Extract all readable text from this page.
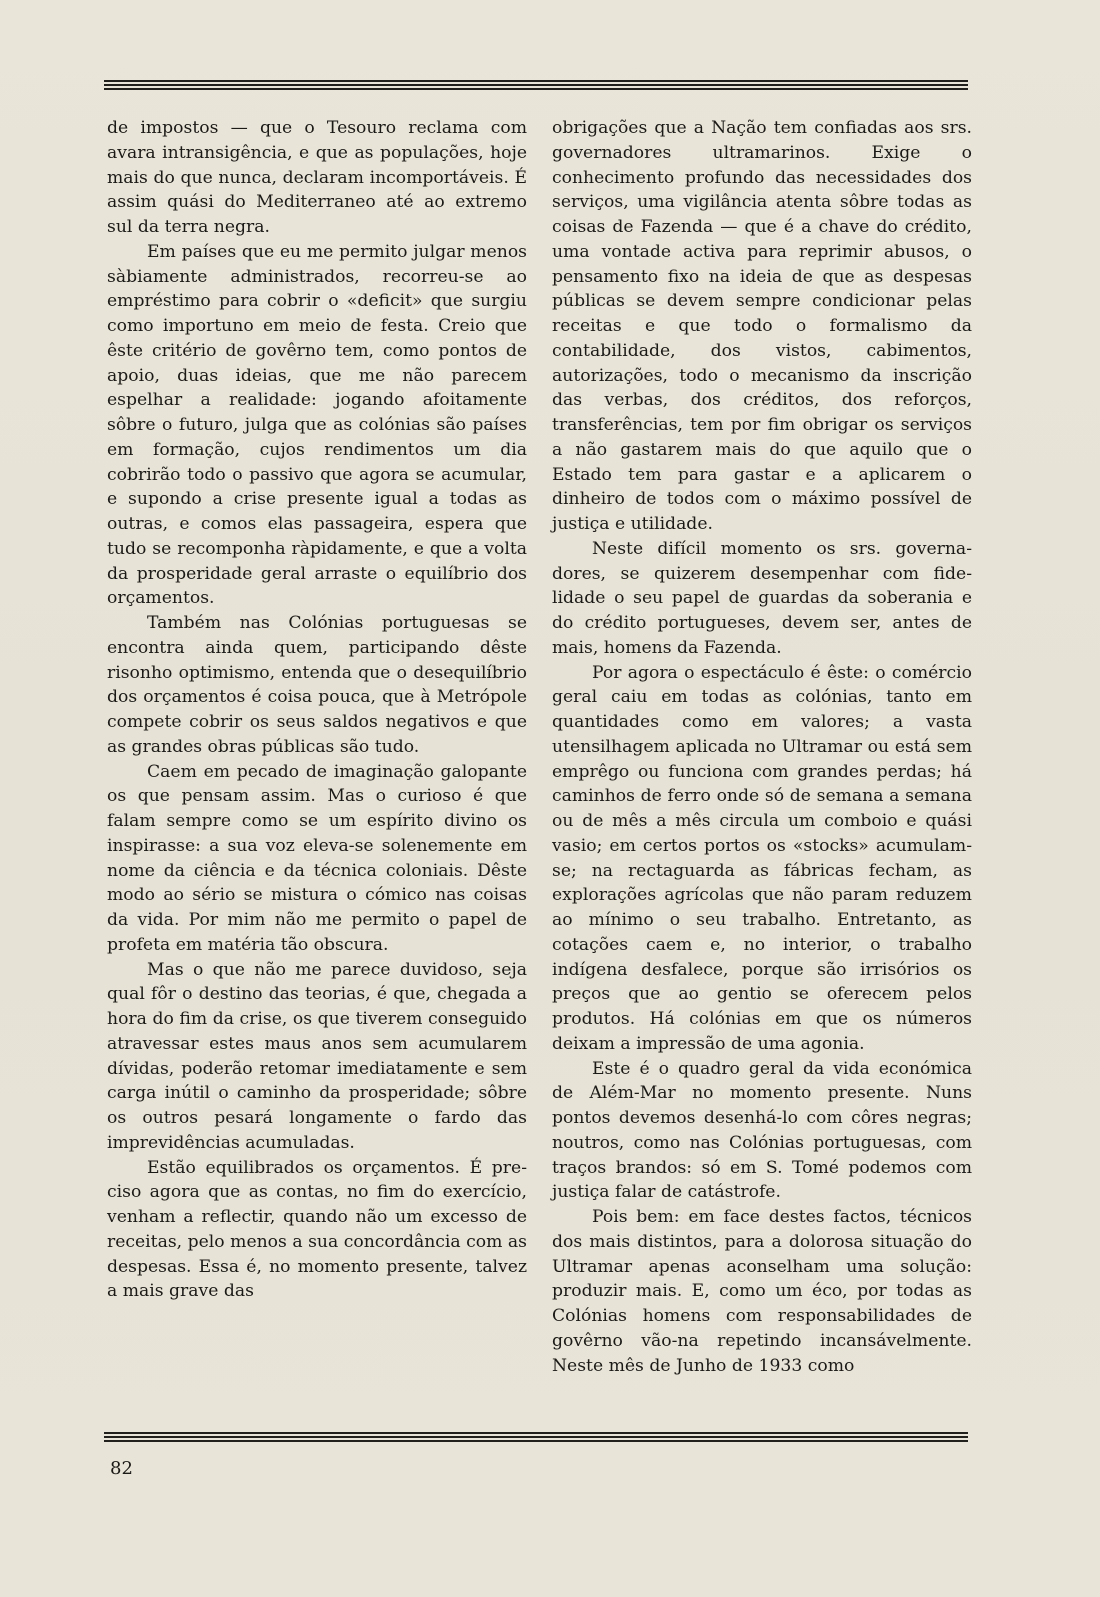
de impostos — que o Tesouro reclama com avara intransigência, e que as populações, hoje mais do que nunca, declaram incomportáveis. É assim quási do Mediterraneo até ao extremo sul da terra negra.

Em países que eu me permito julgar menos sàbiamente administrados, recorreu-se ao empréstimo para cobrir o «deficit» que surgiu como importuno em meio de festa. Creio que êste critério de govêrno tem, como pontos de apoio, duas ideias, que me não parecem espelhar a realidade: jogando afoitamente sôbre o futuro, julga que as colónias são países em formação, cujos rendimentos um dia cobrirão todo o passivo que agora se acumular, e supondo a crise presente igual a todas as outras, e comos elas passageira, espera que tudo se recomponha ràpidamente, e que a volta da prosperidade geral arraste o equilíbrio dos orçamentos.

Também nas Colónias portuguesas se encontra ainda quem, participando dêste risonho optimismo, entenda que o desequilíbrio dos orçamentos é coisa pouca, que à Metrópole compete cobrir os seus saldos negativos e que as grandes obras públicas são tudo.

Caem em pecado de imaginação galopante os que pensam assim. Mas o curioso é que falam sempre como se um espírito divino os inspirasse: a sua voz eleva-se solenemente em nome da ciência e da técnica coloniais. Dêste modo ao sério se mistura o cómico nas coisas da vida. Por mim não me permito o papel de profeta em matéria tão obscura.

Mas o que não me parece duvidoso, seja qual fôr o destino das teorias, é que, chegada a hora do fim da crise, os que tiverem conseguido atravessar estes maus anos sem acumularem dívidas, poderão retomar imediatamente e sem carga inútil o caminho da prosperidade; sôbre os outros pesará longamente o fardo das imprevidências acumuladas.

Estão equilibrados os orçamentos. É preciso agora que as contas, no fim do exercício, venham a reflectir, quando não um excesso de receitas, pelo menos a sua concordância com as despesas. Essa é, no momento presente, talvez a mais grave das

obrigações que a Nação tem confiadas aos srs. governadores ultramarinos. Exige o conhecimento profundo das necessidades dos serviços, uma vigilância atenta sôbre todas as coisas de Fazenda — que é a chave do crédito, uma vontade activa para reprimir abusos, o pensamento fixo na ideia de que as despesas públicas se devem sempre condicionar pelas receitas e que todo o formalismo da contabilidade, dos vistos, cabimentos, autorizações, todo o mecanismo da inscrição das verbas, dos créditos, dos reforços, transferências, tem por fim obrigar os serviços a não gastarem mais do que aquilo que o Estado tem para gastar e a aplicarem o dinheiro de todos com o máximo possível de justiça e utilidade.

Neste difícil momento os srs. governadores, se quizerem desempenhar com fidelidade o seu papel de guardas da soberania e do crédito portugueses, devem ser, antes de mais, homens da Fazenda.

Por agora o espectáculo é êste: o comércio geral caiu em todas as colónias, tanto em quantidades como em valores; a vasta utensilhagem aplicada no Ultramar ou está sem emprêgo ou funciona com grandes perdas; há caminhos de ferro onde só de semana a semana ou de mês a mês circula um comboio e quási vasio; em certos portos os «stocks» acumulam-se; na rectaguarda as fábricas fecham, as explorações agrícolas que não param reduzem ao mínimo o seu trabalho. Entretanto, as cotações caem e, no interior, o trabalho indígena desfalece, porque são irrisórios os preços que ao gentio se oferecem pelos produtos. Há colónias em que os números deixam a impressão de uma agonia.

Este é o quadro geral da vida económica de Além-Mar no momento presente. Nuns pontos devemos desenhá-lo com côres negras; noutros, como nas Colónias portuguesas, com traços brandos: só em S. Tomé podemos com justiça falar de catástrofe.

Pois bem: em face destes factos, técnicos dos mais distintos, para a dolorosa situação do Ultramar apenas aconselham uma solução: produzir mais. E, como um éco, por todas as Colónias homens com responsabilidades de govêrno vão-na repetindo incansávelmente. Neste mês de Junho de 1933 como

82
